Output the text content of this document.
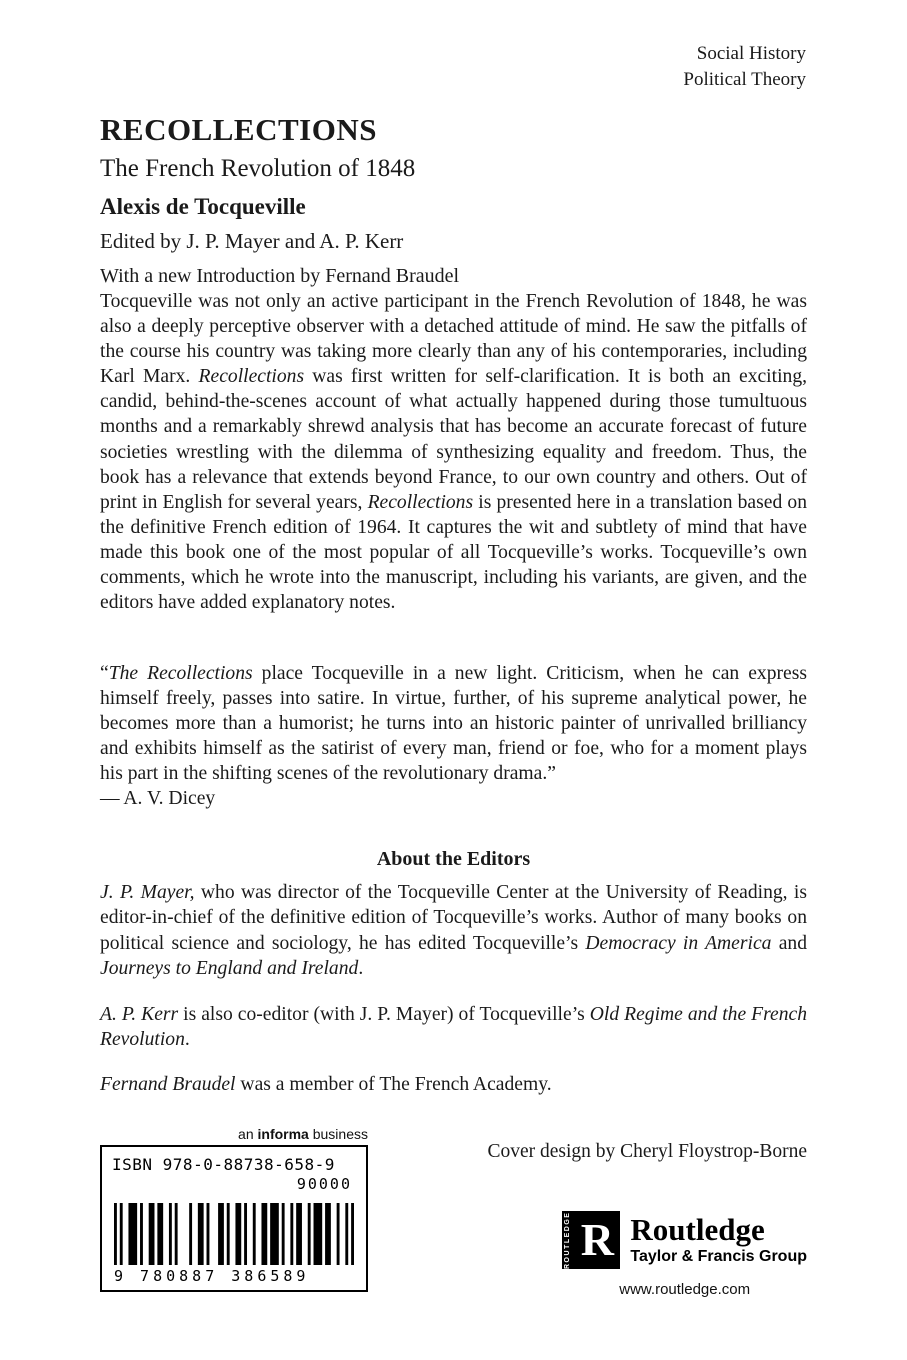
Social History
Political Theory
RECOLLECTIONS
The French Revolution of 1848
Alexis de Tocqueville
Edited by J. P. Mayer and A. P. Kerr
With a new Introduction by Fernand Braudel

Tocqueville was not only an active participant in the French Revolution of 1848, he was also a deeply perceptive observer with a detached attitude of mind. He saw the pitfalls of the course his country was taking more clearly than any of his contemporaries, including Karl Marx. Recollections was first written for self-clarification. It is both an exciting, candid, behind-the-scenes account of what actually happened during those tumultuous months and a remarkably shrewd analysis that has become an accurate forecast of future societies wrestling with the dilemma of synthesizing equality and freedom. Thus, the book has a relevance that extends beyond France, to our own country and others. Out of print in English for several years, Recollections is presented here in a translation based on the definitive French edition of 1964. It captures the wit and subtlety of mind that have made this book one of the most popular of all Tocqueville’s works. Tocqueville’s own comments, which he wrote into the manuscript, including his variants, are given, and the editors have added explanatory notes.

“The Recollections place Tocqueville in a new light. Criticism, when he can express himself freely, passes into satire. In virtue, further, of his supreme analytical power, he becomes more than a humorist; he turns into an historic painter of unrivalled brilliancy and exhibits himself as the satirist of every man, friend or foe, who for a moment plays his part in the shifting scenes of the revolutionary drama.”

— A. V. Dicey
About the Editors

J. P. Mayer, who was director of the Tocqueville Center at the University of Reading, is editor-in-chief of the definitive edition of Tocqueville’s works. Author of many books on political science and sociology, he has edited Tocqueville’s Democracy in America and Journeys to England and Ireland.

A. P. Kerr is also co-editor (with J. P. Mayer) of Tocqueville’s Old Regime and the French Revolution.

Fernand Braudel was a member of The French Academy.

an informa business
ISBN 978-0-88738-658-9
90000
9 780887 386589
Cover design by Cheryl Floystrop-Borne
ROUTLEDGE R Routledge
Taylor & Francis Group
www.routledge.com
